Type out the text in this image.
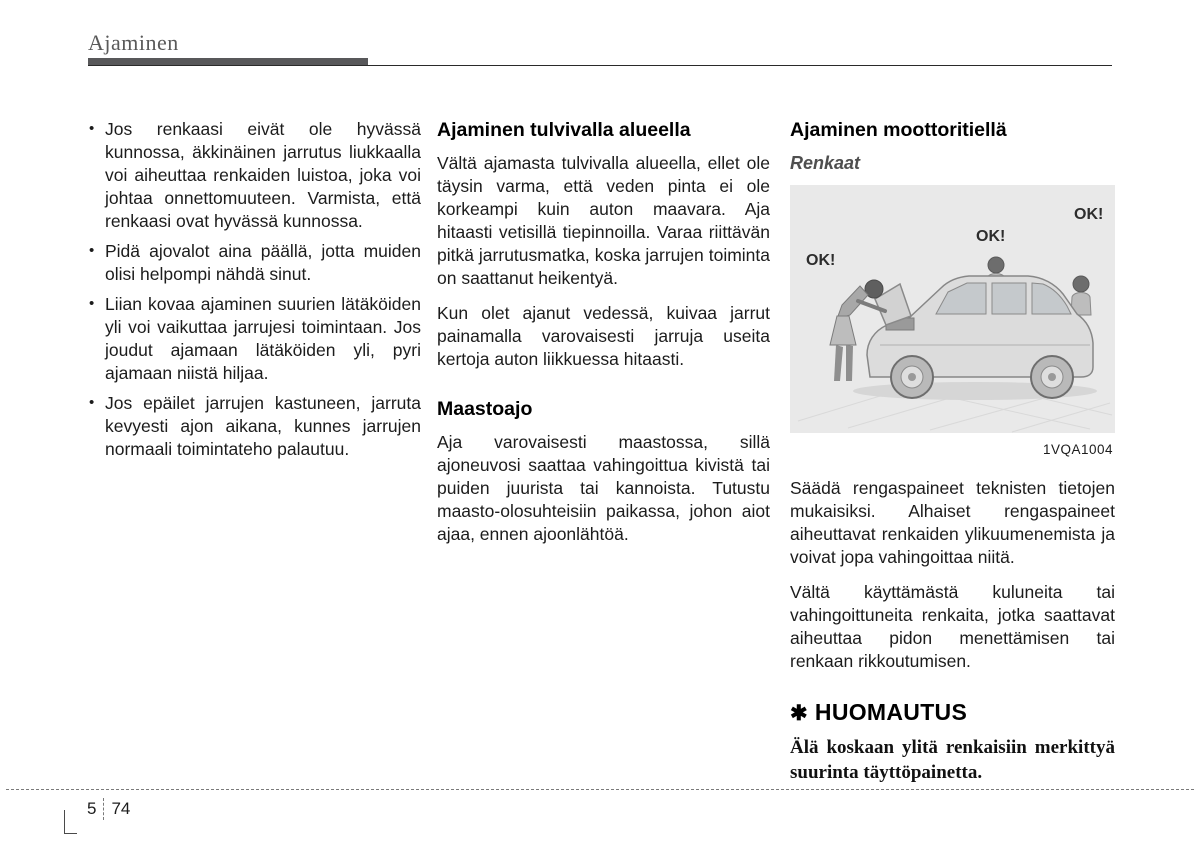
Ajaminen
• Jos renkaasi eivät ole hyvässä kunnossa, äkkinäinen jarrutus liukkaalla voi aiheuttaa renkaiden luistoa, joka voi johtaa onnettomuuteen. Varmista, että renkaasi ovat hyvässä kunnossa.
• Pidä ajovalot aina päällä, jotta muiden olisi helpompi nähdä sinut.
• Liian kovaa ajaminen suurien lätäköiden yli voi vaikuttaa jarrujesi toimintaan. Jos joudut ajamaan lätäköiden yli, pyri ajamaan niistä hiljaa.
• Jos epäilet jarrujen kastuneen, jarruta kevyesti ajon aikana, kunnes jarrujen normaali toimintateho palautuu.
Ajaminen tulvivalla alueella

Vältä ajamasta tulvivalla alueella, ellet ole täysin varma, että veden pinta ei ole korkeampi kuin auton maavara. Aja hitaasti vetisillä tiepinnoilla. Varaa riittävän pitkä jarrutusmatka, koska jarrujen toiminta on saattanut heikentyä.

Kun olet ajanut vedessä, kuivaa jarrut painamalla varovaisesti jarruja useita kertoja auton liikkuessa hitaasti.

Maastoajo

Aja varovaisesti maastossa, sillä ajoneuvosi saattaa vahingoittua kivistä tai puiden juurista tai kannoista. Tutustu maasto-olosuhteisiin paikassa, johon aiot ajaa, ennen ajoonlähtöä.

Ajaminen moottoritiellä
Renkaat
OK!
OK!
OK!
1VQA1004

Säädä rengaspaineet teknisten tietojen mukaisiksi. Alhaiset rengaspaineet aiheuttavat renkaiden ylikuumenemista ja voivat jopa vahingoittaa niitä.

Vältä käyttämästä kuluneita tai vahingoittuneita renkaita, jotka saattavat aiheuttaa pidon menettämisen tai renkaan rikkoutumisen.

✱ HUOMAUTUS

Älä koskaan ylitä renkaisiin merkittyä suurinta täyttöpainetta.

5 74
